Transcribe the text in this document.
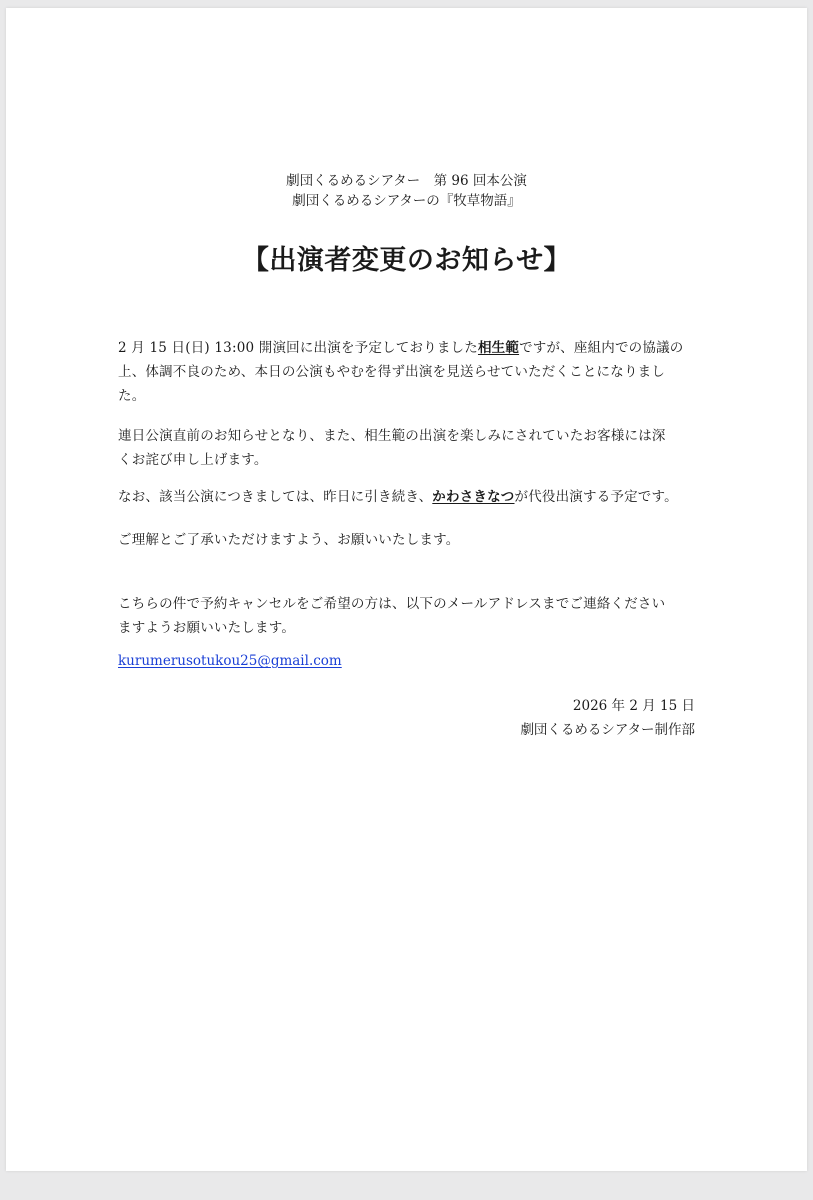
劇団くるめるシアター　第 96 回本公演
劇団くるめるシアターの『牧草物語』
【出演者変更のお知らせ】
2 月 15 日(日) 13:00 開演回に出演を予定しておりました相生範ですが、座組内での協議の
上、体調不良のため、本日の公演もやむを得ず出演を見送らせていただくことになりまし
た。
連日公演直前のお知らせとなり、また、相生範の出演を楽しみにされていたお客様には深
くお詫び申し上げます。
なお、該当公演につきましては、昨日に引き続き、かわさきなつが代役出演する予定です。
ご理解とご了承いただけますよう、お願いいたします。
こちらの件で予約キャンセルをご希望の方は、以下のメールアドレスまでご連絡ください
ますようお願いいたします。
kurumerusotukou25@gmail.com
2026 年 2 月 15 日
劇団くるめるシアター制作部
